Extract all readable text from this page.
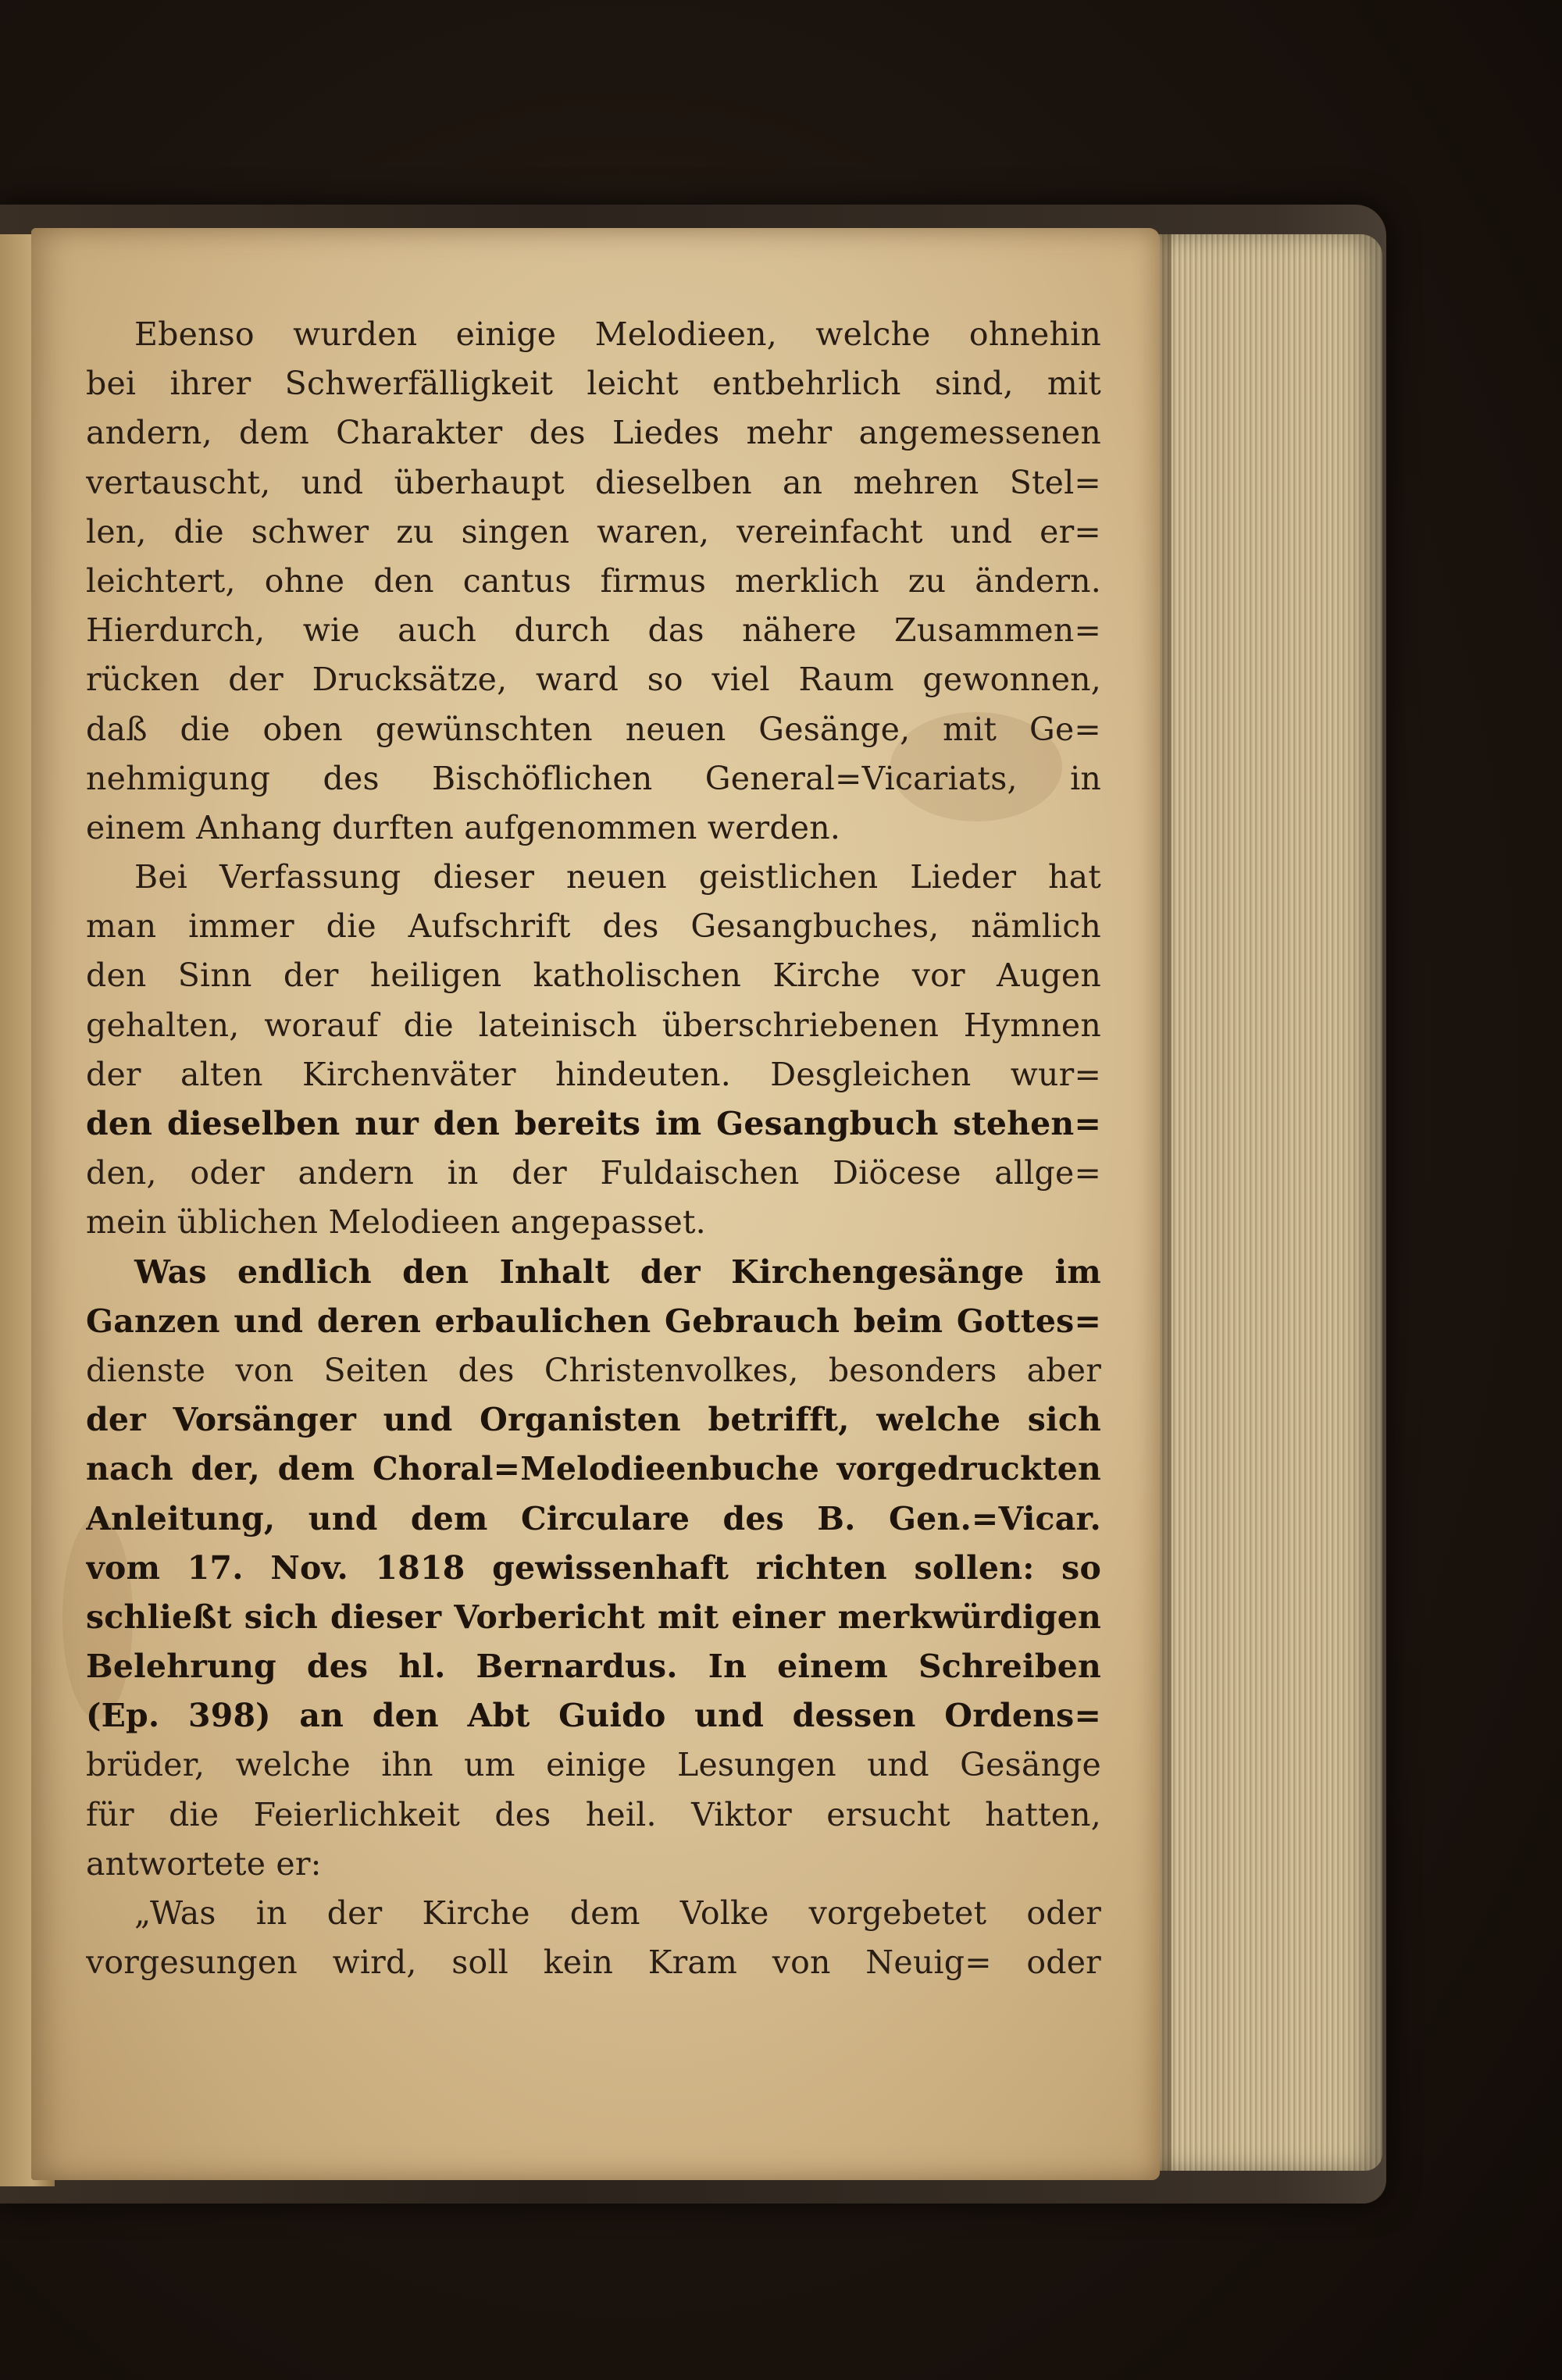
Ebenso wurden einige Melodieen, welche ohnehin
bei ihrer Schwerfälligkeit leicht entbehrlich sind, mit
andern, dem Charakter des Liedes mehr angemessenen
vertauscht, und überhaupt dieselben an mehren Stel=
len, die schwer zu singen waren, vereinfacht und er=
leichtert, ohne den cantus firmus merklich zu ändern.
Hierdurch, wie auch durch das nähere Zusammen=
rücken der Drucksätze, ward so viel Raum gewonnen,
daß die oben gewünschten neuen Gesänge, mit Ge=
nehmigung des Bischöflichen General=Vicariats, in
einem Anhang durften aufgenommen werden.
Bei Verfassung dieser neuen geistlichen Lieder hat
man immer die Aufschrift des Gesangbuches, nämlich
den Sinn der heiligen katholischen Kirche vor Augen
gehalten, worauf die lateinisch überschriebenen Hymnen
der alten Kirchenväter hindeuten. Desgleichen wur=
den dieselben nur den bereits im Gesangbuch stehen=
den, oder andern in der Fuldaischen Diöcese allge=
mein üblichen Melodieen angepasset.
Was endlich den Inhalt der Kirchengesänge im
Ganzen und deren erbaulichen Gebrauch beim Gottes=
dienste von Seiten des Christenvolkes, besonders aber
der Vorsänger und Organisten betrifft, welche sich
nach der, dem Choral=Melodieenbuche vorgedruckten
Anleitung, und dem Circulare des B. Gen.=Vicar.
vom 17. Nov. 1818 gewissenhaft richten sollen: so
schließt sich dieser Vorbericht mit einer merkwürdigen
Belehrung des hl. Bernardus. In einem Schreiben
(Ep. 398) an den Abt Guido und dessen Ordens=
brüder, welche ihn um einige Lesungen und Gesänge
für die Feierlichkeit des heil. Viktor ersucht hatten,
antwortete er:
„Was in der Kirche dem Volke vorgebetet oder
vorgesungen wird, soll kein Kram von Neuig= oder
